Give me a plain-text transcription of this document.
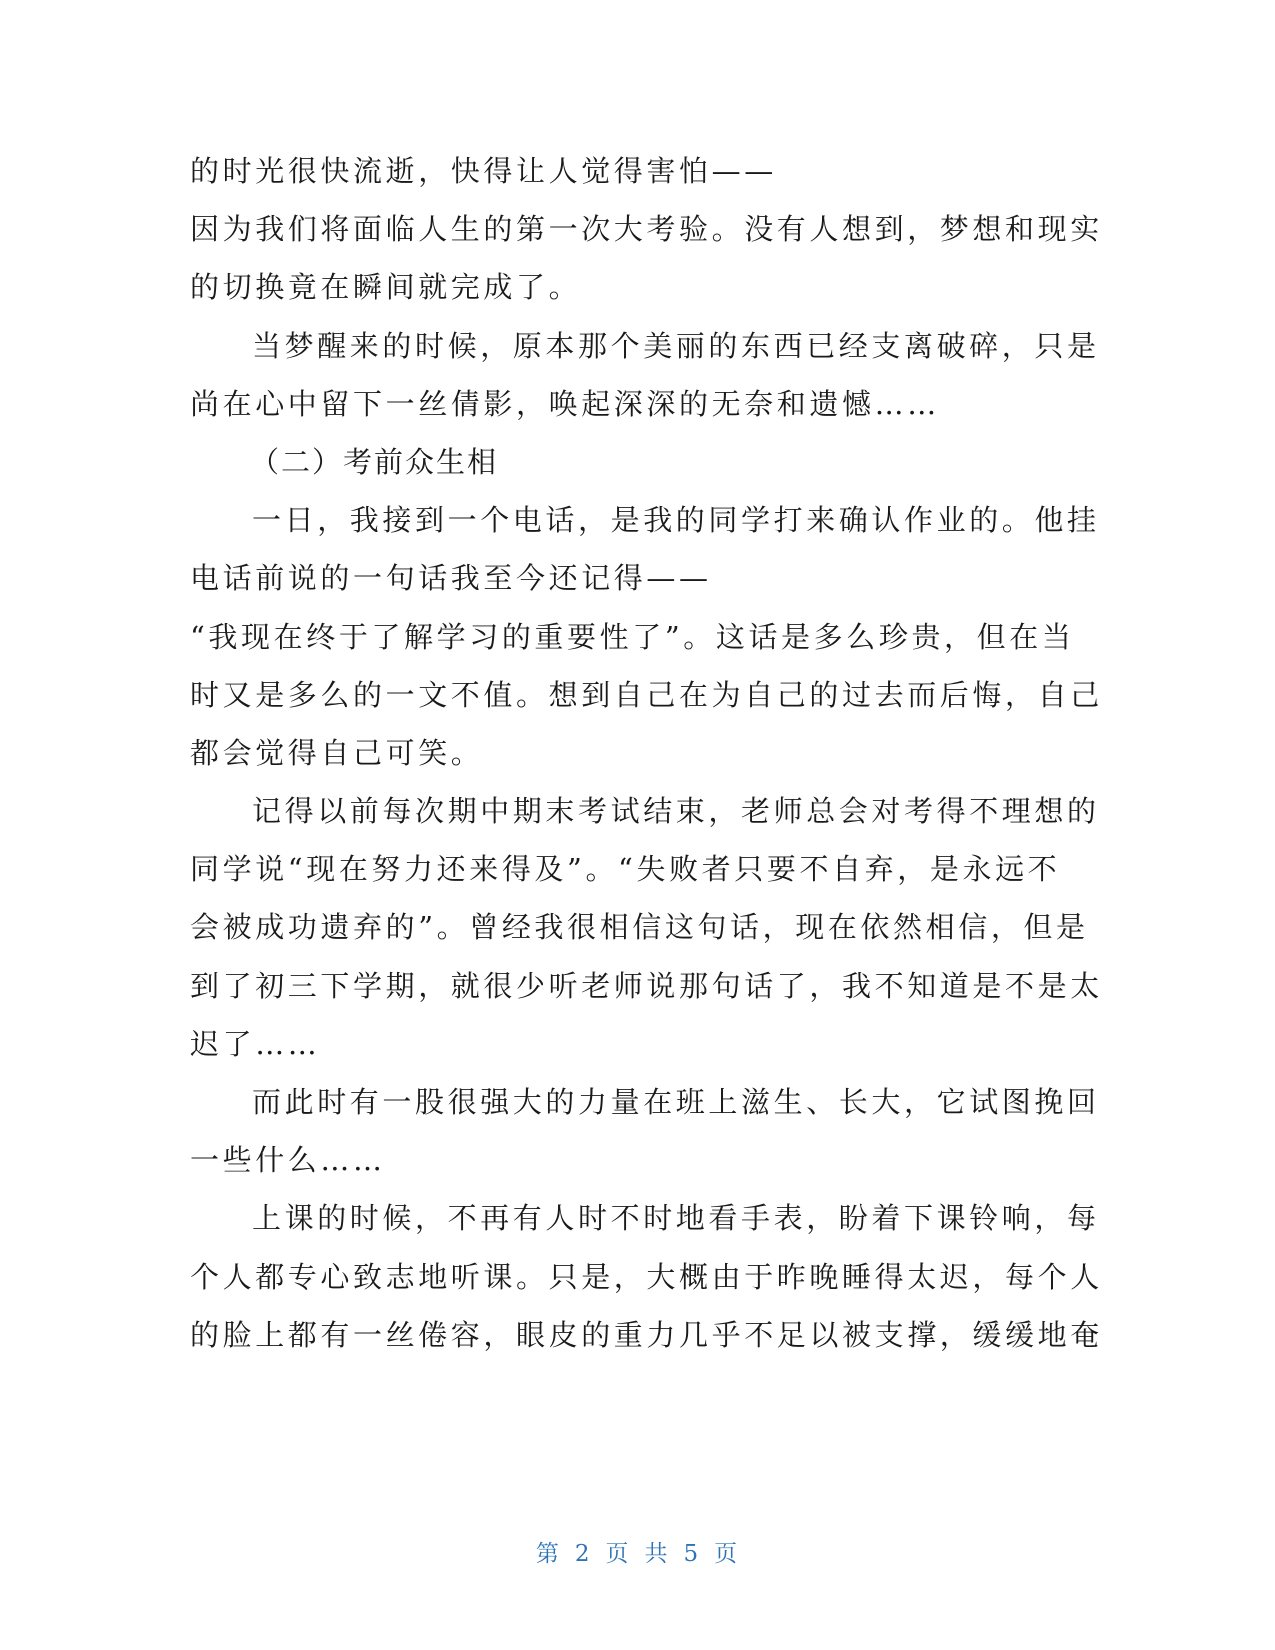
的时光很快流逝，快得让人觉得害怕——
因为我们将面临人生的第一次大考验。没有人想到，梦想和现实
的切换竟在瞬间就完成了。
当梦醒来的时候，原本那个美丽的东西已经支离破碎，只是
尚在心中留下一丝倩影，唤起深深的无奈和遗憾……
（二）考前众生相
一日，我接到一个电话，是我的同学打来确认作业的。他挂
电话前说的一句话我至今还记得——
“我现在终于了解学习的重要性了”。这话是多么珍贵，但在当
时又是多么的一文不值。想到自己在为自己的过去而后悔，自己
都会觉得自己可笑。
记得以前每次期中期末考试结束，老师总会对考得不理想的
同学说“现在努力还来得及”。“失败者只要不自弃，是永远不
会被成功遗弃的”。曾经我很相信这句话，现在依然相信，但是
到了初三下学期，就很少听老师说那句话了，我不知道是不是太
迟了……
而此时有一股很强大的力量在班上滋生、长大，它试图挽回
一些什么……
上课的时候，不再有人时不时地看手表，盼着下课铃响，每
个人都专心致志地听课。只是，大概由于昨晚睡得太迟，每个人
的脸上都有一丝倦容，眼皮的重力几乎不足以被支撑，缓缓地奄
第 2 页 共 5 页
